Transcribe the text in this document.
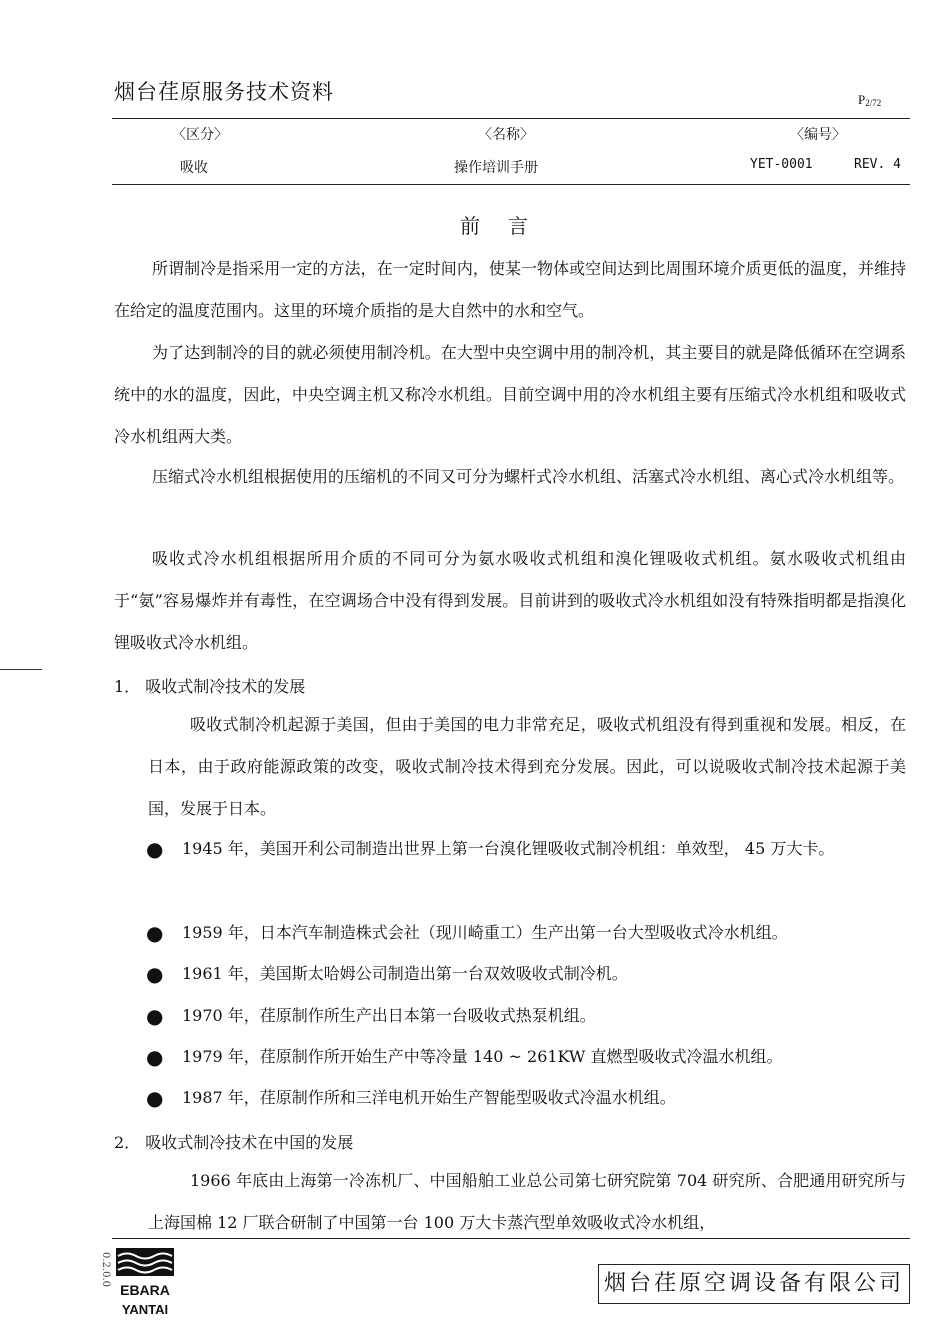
烟台荏原服务技术资料	$P_{2/72}$
〈区分〉	〈名称〉	〈编号〉
吸收	操作培训手册	YET-0001	REV. 4
前言
所谓制冷是指采用一定的方法，在一定时间内，使某一物体或空间达到比周围环境介质更低的温度，并维持在给定的温度范围内。这里的环境介质指的是大自然中的水和空气。
为了达到制冷的目的就必须使用制冷机。在大型中央空调中用的制冷机，其主要目的就是降低循环在空调系统中的水的温度，因此，中央空调主机又称冷水机组。目前空调中用的冷水机组主要有压缩式冷水机组和吸收式冷水机组两大类。
压缩式冷水机组根据使用的压缩机的不同又可分为螺杆式冷水机组、活塞式冷水机组、离心式冷水机组等。
吸收式冷水机组根据所用介质的不同可分为氨水吸收式机组和溴化锂吸收式机组。氨水吸收式机组由于“氨”容易爆炸并有毒性，在空调场合中没有得到发展。目前讲到的吸收式冷水机组如没有特殊指明都是指溴化锂吸收式冷水机组。
1． 吸收式制冷技术的发展
吸收式制冷机起源于美国，但由于美国的电力非常充足，吸收式机组没有得到重视和发展。相反，在日本，由于政府能源政策的改变，吸收式制冷技术得到充分发展。因此，可以说吸收式制冷技术起源于美国，发展于日本。
●	1945 年，美国开利公司制造出世界上第一台溴化锂吸收式制冷机组：单效型， 45 万大卡。
●	1959 年，日本汽车制造株式会社（现川崎重工）生产出第一台大型吸收式冷水机组。
●	1961 年，美国斯太哈姆公司制造出第一台双效吸收式制冷机。
●	1970 年，荏原制作所生产出日本第一台吸收式热泵机组。
●	1979 年，荏原制作所开始生产中等冷量 140 ~ 261KW 直燃型吸收式冷温水机组。
●	1987 年，荏原制作所和三洋电机开始生产智能型吸收式冷温水机组。
2． 吸收式制冷技术在中国的发展
1966 年底由上海第一冷冻机厂、中国船舶工业总公司第七研究院第 704 研究所、合肥通用研究所与上海国棉 12 厂联合研制了中国第一台 100 万大卡蒸汽型单效吸收式冷水机组，
0.2.0.0
EBARA
YANTAI
烟台荏原空调设备有限公司
